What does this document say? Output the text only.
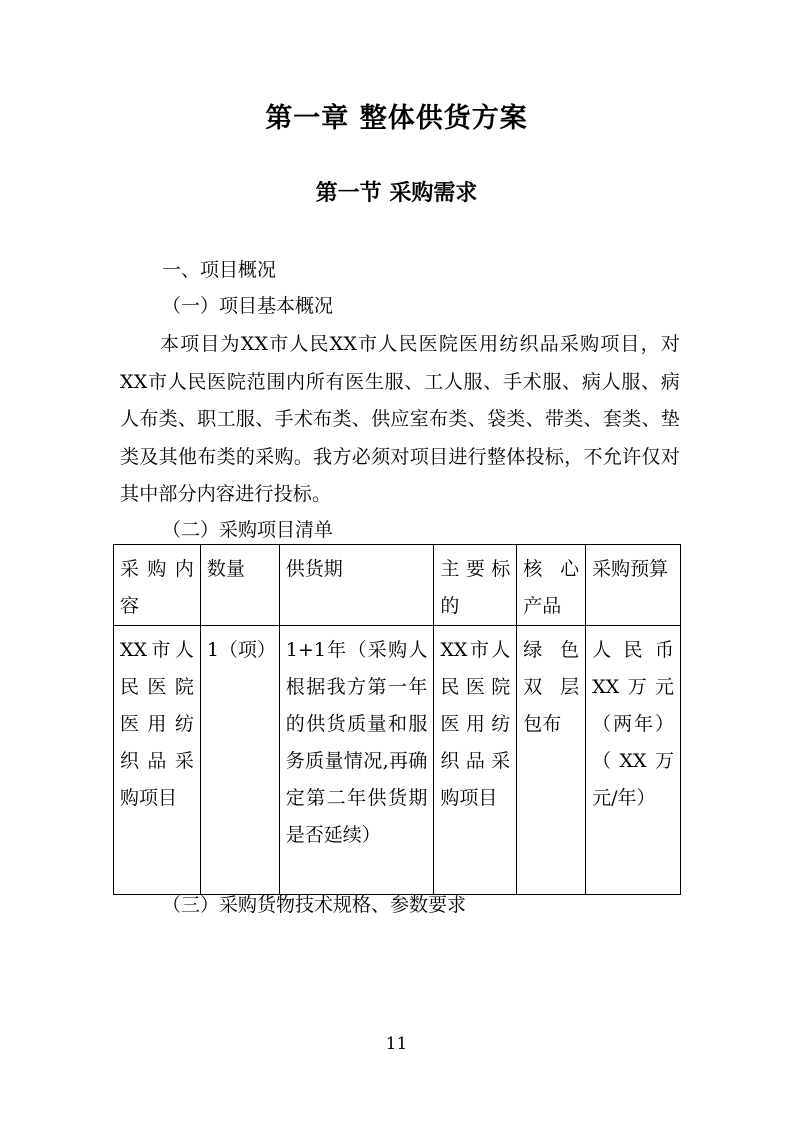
第一章 整体供货方案
第一节 采购需求
一、项目概况
（一）项目基本概况
本项目为XX市人民XX市人民医院医用纺织品采购项目，对XX市人民医院范围内所有医生服、工人服、手术服、病人服、病人布类、职工服、手术布类、供应室布类、袋类、带类、套类、垫类及其他布类的采购。我方必须对项目进行整体投标，不允许仅对其中部分内容进行投标。
（二）采购项目清单
采购内容	数量	供货期	主要标的	核心产品	采购预算
XX市人民医院医用纺织品采购项目	1（项）	1+1年（采购人根据我方第一年的供货质量和服务质量情况,再确定第二年供货期是否延续）	XX市人民医院医用纺织品采购项目	绿色双层包布	人民币XX万元（两年）（XX万元/年）
（三）采购货物技术规格、参数要求
11
